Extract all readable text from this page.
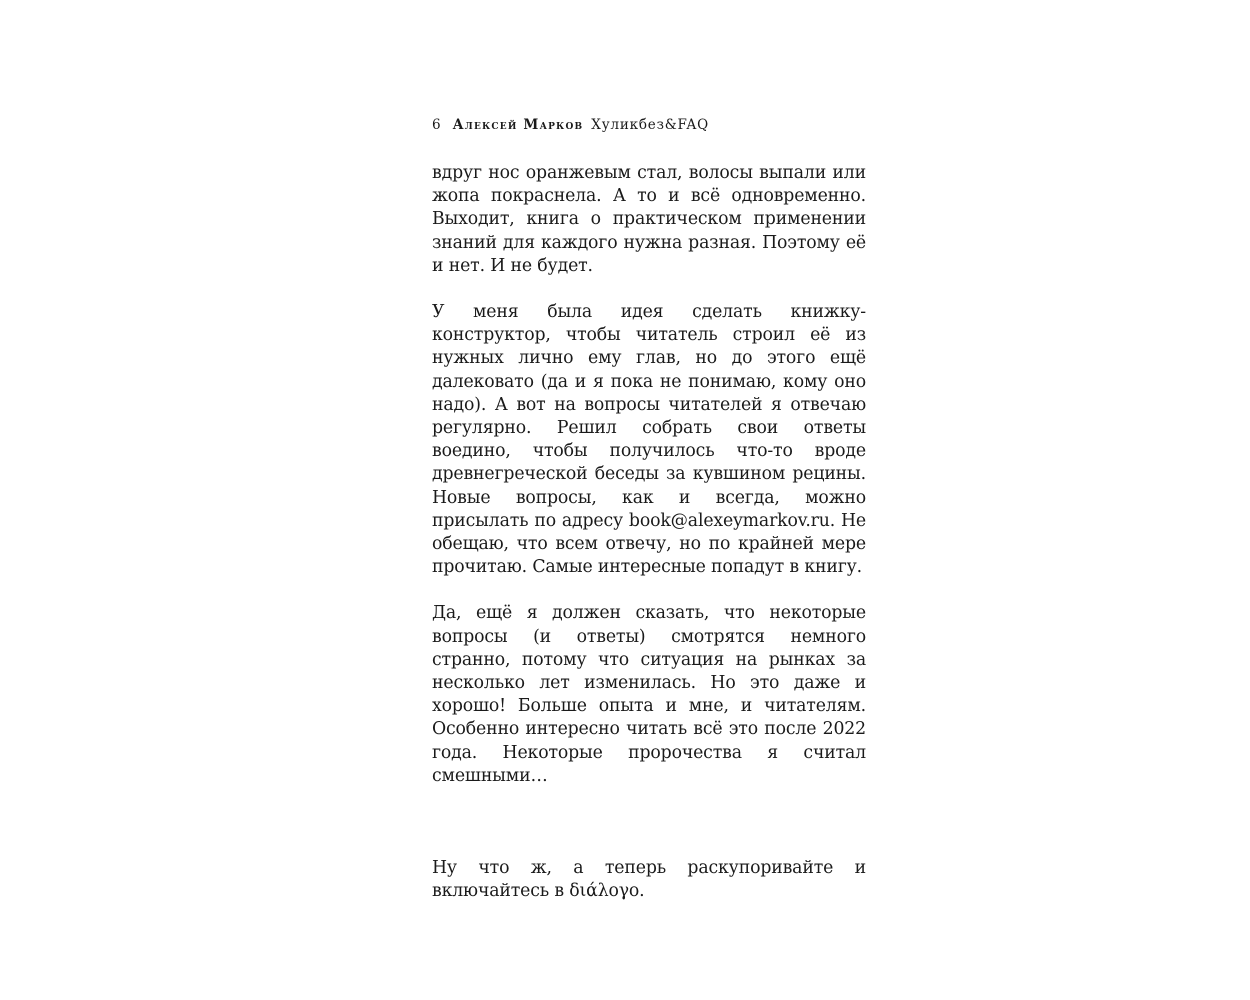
6 Алексей Марков Хуликбез&FAQ

вдруг нос оранжевым стал, волосы выпали или жопа покраснела. А то и всё одновременно. Выходит, книга о практическом применении знаний для каждого нужна разная. Поэтому её и нет. И не будет.

У меня была идея сделать книжку-конструктор, чтобы читатель строил её из нужных лично ему глав, но до этого ещё далековато (да и я пока не понимаю, кому оно надо). А вот на вопросы читателей я отвечаю регулярно. Решил собрать свои ответы воедино, чтобы получилось что-то вроде древнегреческой беседы за кувшином рецины. Новые вопросы, как и всегда, можно присылать по адресу book@alexeymarkov.ru. Не обещаю, что всем отвечу, но по крайней мере прочитаю. Самые интересные попадут в книгу.

Да, ещё я должен сказать, что некоторые вопросы (и ответы) смотрятся немного странно, потому что ситуация на рынках за несколько лет изменилась. Но это даже и хорошо! Больше опыта и мне, и читателям. Особенно интересно читать всё это после 2022 года. Некоторые пророчества я считал смешными…

Ну что ж, а теперь раскупоривайте и включайтесь в διάλογο.
